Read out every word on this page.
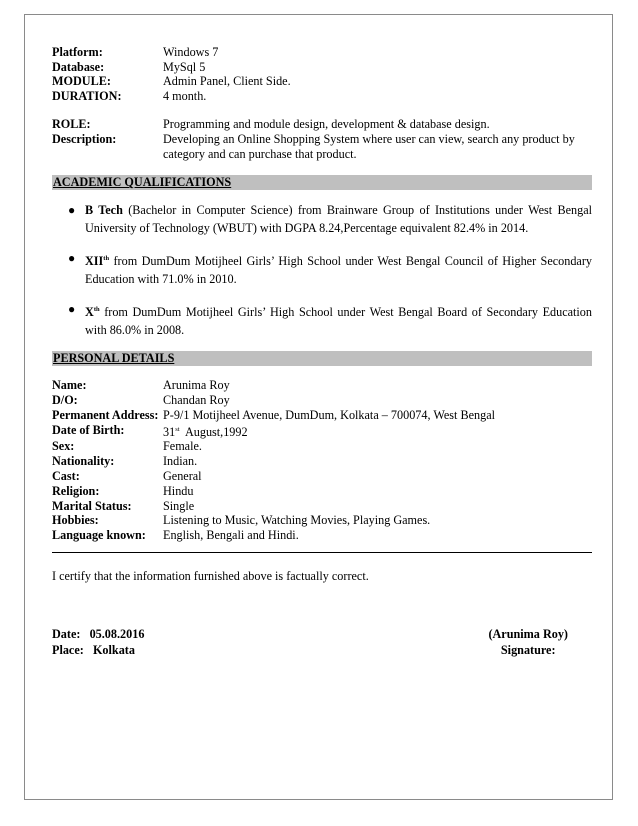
Platform:	Windows 7
Database:	MySql 5
MODULE:	Admin Panel, Client Side.
DURATION:	4 month.
ROLE:	Programming and module design, development & database design.
Description:	Developing an Online Shopping System where user can view, search any product by category and can purchase that product.
ACADEMIC QUALIFICATIONS
● B Tech (Bachelor in Computer Science) from Brainware Group of Institutions under West Bengal University of Technology (WBUT) with DGPA 8.24,Percentage equivalent 82.4% in 2014.
● XIIth from DumDum Motijheel Girls’ High School under West Bengal Council of Higher Secondary Education with 71.0% in 2010.
● Xth from DumDum Motijheel Girls’ High School under West Bengal Board of Secondary Education with 86.0% in 2008.
PERSONAL DETAILS
Name:	Arunima Roy
D/O:	Chandan Roy
Permanent Address: P-9/1 Motijheel Avenue, DumDum, Kolkata – 700074, West Bengal
Date of Birth:	31st  August,1992
Sex:	Female.
Nationality:	Indian.
Cast:	General
Religion:	Hindu
Marital Status:	Single
Hobbies:	Listening to Music, Watching Movies, Playing Games.
Language known:	English, Bengali and Hindi.
I certify that the information furnished above is factually correct.
Date: 05.08.2016
Place: Kolkata
(Arunima Roy)
Signature:
